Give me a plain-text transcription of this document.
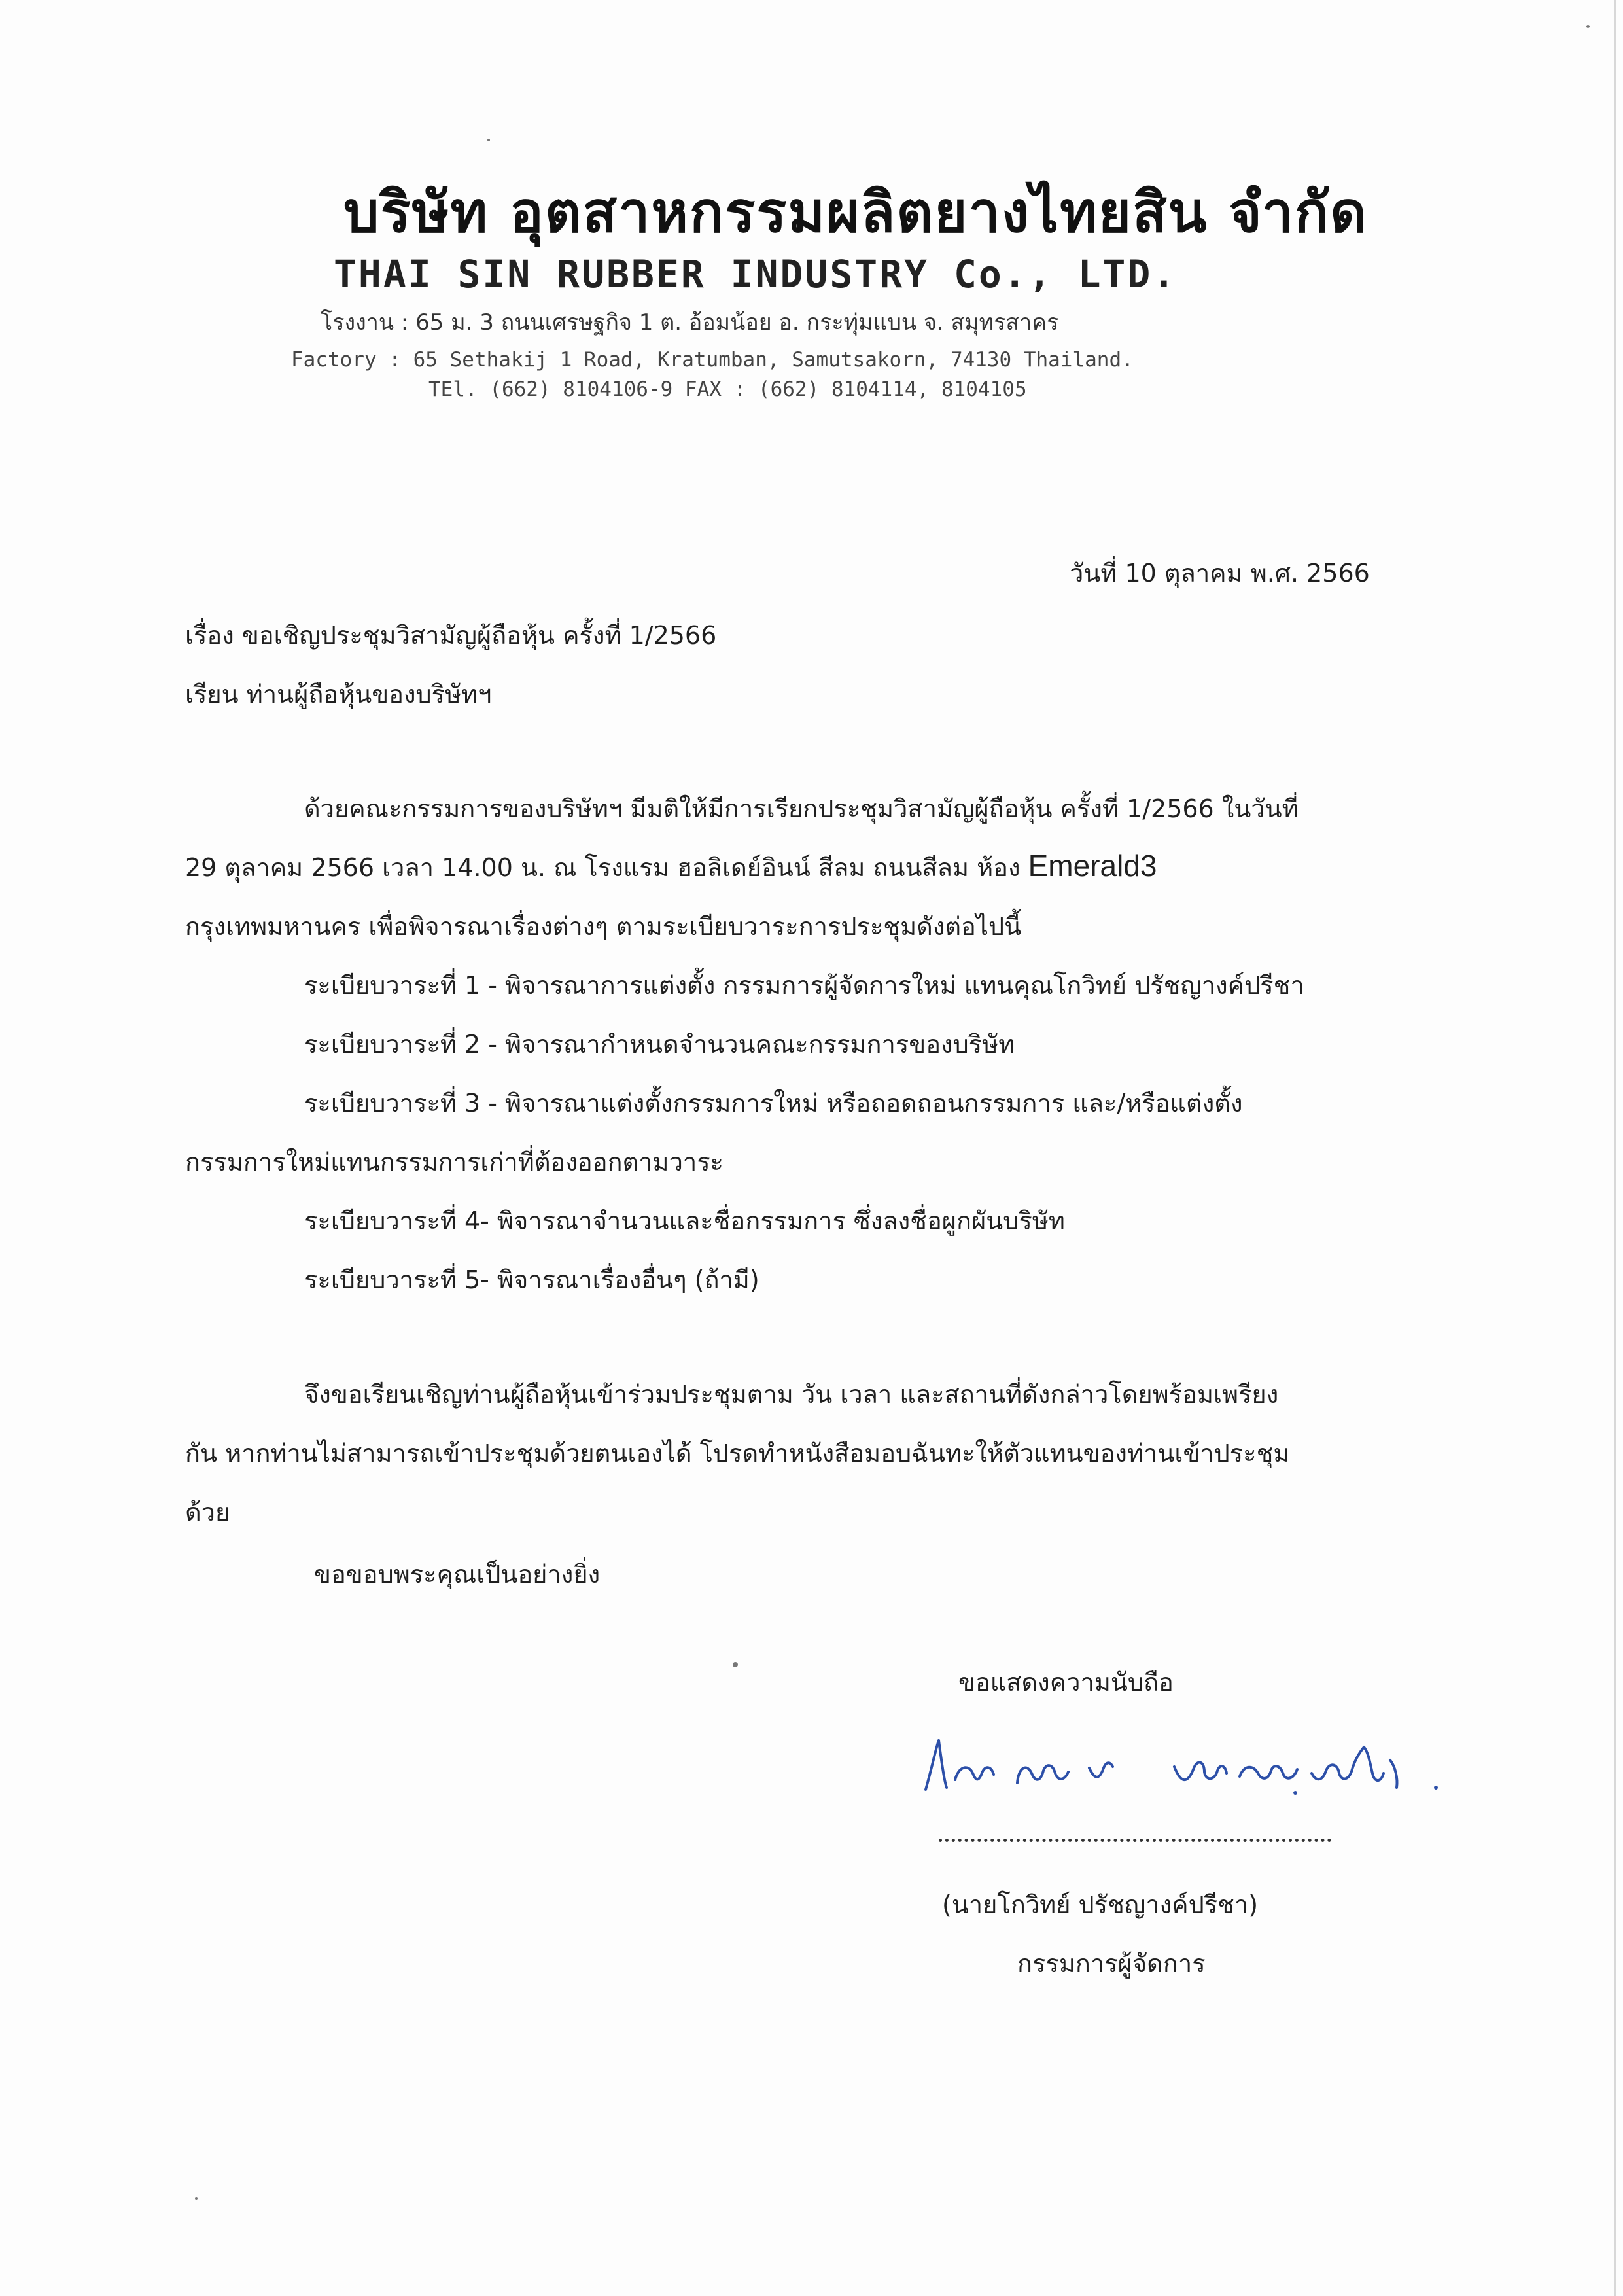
บริษัท อุตสาหกรรมผลิตยางไทยสิน จำกัด
THAI SIN RUBBER INDUSTRY Co., LTD.
โรงงาน : 65 ม. 3 ถนนเศรษฐกิจ 1 ต. อ้อมน้อย อ. กระทุ่มแบน จ. สมุทรสาคร
Factory : 65 Sethakij 1 Road, Kratumban, Samutsakorn, 74130 Thailand.
TEl. (662) 8104106-9 FAX : (662) 8104114, 8104105
วันที่ 10 ตุลาคม พ.ศ. 2566
เรื่อง ขอเชิญประชุมวิสามัญผู้ถือหุ้น ครั้งที่ 1/2566
เรียน ท่านผู้ถือหุ้นของบริษัทฯ
ด้วยคณะกรรมการของบริษัทฯ มีมติให้มีการเรียกประชุมวิสามัญผู้ถือหุ้น ครั้งที่ 1/2566 ในวันที่
29 ตุลาคม 2566 เวลา 14.00 น. ณ โรงแรม ฮอลิเดย์อินน์ สีลม ถนนสีลม ห้อง Emerald3
กรุงเทพมหานคร เพื่อพิจารณาเรื่องต่างๆ ตามระเบียบวาระการประชุมดังต่อไปนี้
ระเบียบวาระที่ 1 - พิจารณาการแต่งตั้ง กรรมการผู้จัดการใหม่ แทนคุณโกวิทย์ ปรัชญางค์ปรีชา
ระเบียบวาระที่ 2 - พิจารณากำหนดจำนวนคณะกรรมการของบริษัท
ระเบียบวาระที่ 3 - พิจารณาแต่งตั้งกรรมการใหม่ หรือถอดถอนกรรมการ และ/หรือแต่งตั้ง
กรรมการใหม่แทนกรรมการเก่าที่ต้องออกตามวาระ
ระเบียบวาระที่ 4- พิจารณาจำนวนและชื่อกรรมการ ซึ่งลงชื่อผูกผันบริษัท
ระเบียบวาระที่ 5- พิจารณาเรื่องอื่นๆ (ถ้ามี)
จึงขอเรียนเชิญท่านผู้ถือหุ้นเข้าร่วมประชุมตาม วัน เวลา และสถานที่ดังกล่าวโดยพร้อมเพรียง
กัน หากท่านไม่สามารถเข้าประชุมด้วยตนเองได้ โปรดทำหนังสือมอบฉันทะให้ตัวแทนของท่านเข้าประชุม
ด้วย
ขอขอบพระคุณเป็นอย่างยิ่ง
ขอแสดงความนับถือ
(นายโกวิทย์ ปรัชญางค์ปรีชา)
กรรมการผู้จัดการ
